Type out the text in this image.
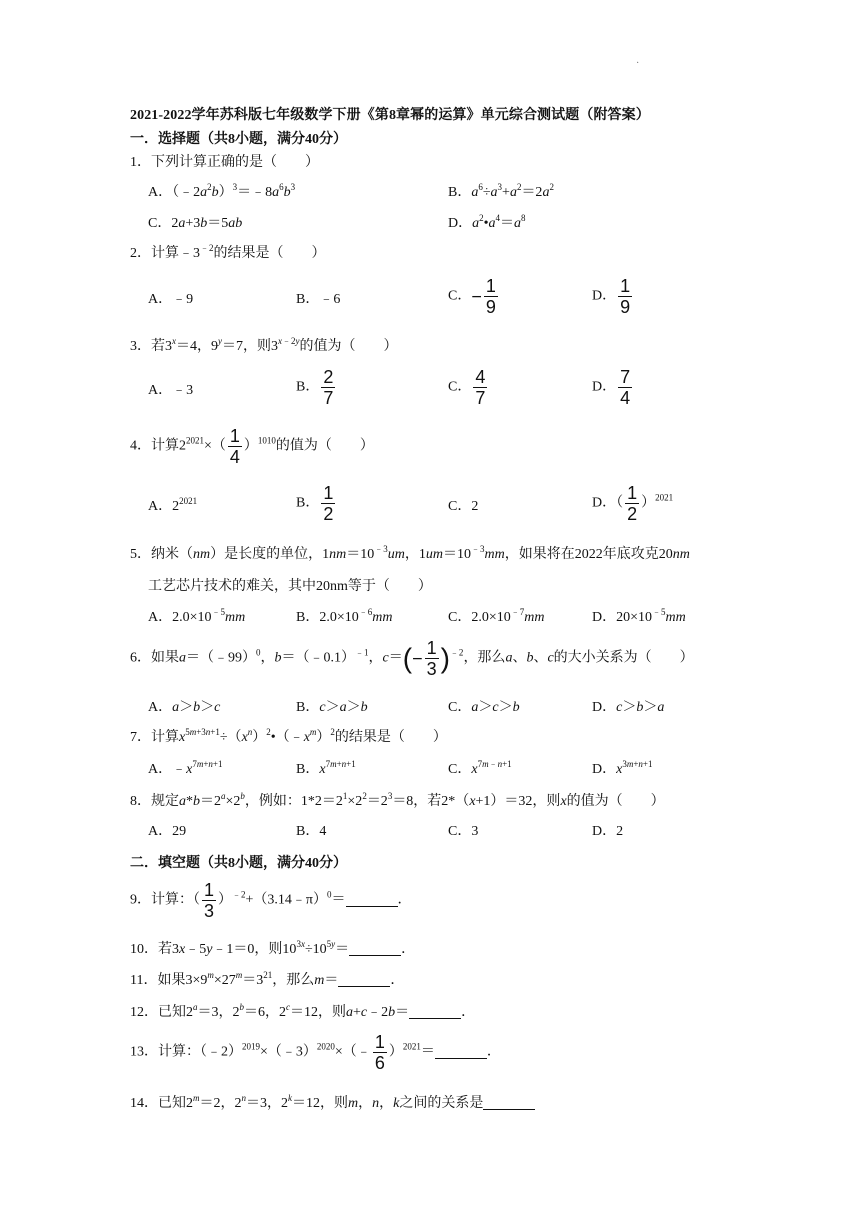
·
2021-2022学年苏科版七年级数学下册《第8章幂的运算》单元综合测试题（附答案）
一．选择题（共8小题，满分40分）
1．下列计算正确的是（　　）
A．$(﹣2a^2b)^3=﹣8a^6b^3$	B．$a^6\div a^3+a^2=2a^2$
C．2a+3b＝5ab	D．$a^2•a^4=a^8$
2．计算$﹣3^{﹣2}$的结果是（　　）
A．﹣9	B．﹣6	C．− $\frac{1}{9}$	D． $\frac{1}{9}$
3．若$3^x=4$，$9^y=7$，则$3^{x﹣2y}$的值为（　　）
A．﹣3	B． $\frac{2}{7}$	C． $\frac{4}{7}$	D． $\frac{7}{4}$
4．计算$2^{2021}\times( \frac{1}{4} )^{1010}$的值为（　　）
A．$2^{2021}$	B． $\frac{1}{2}$	C．2	D．（ $\frac{1}{2} )^{2021}$
5．纳米（nm）是长度的单位，$1nm=10^{﹣3}um$，$1um=10^{﹣3}mm$，如果将在2022年底攻克20nm
工艺芯片技术的难关，其中20nm等于（　　）
A．$2.0\times 10^{﹣5}mm$	B．$2.0\times 10^{﹣6}mm$	C．$2.0\times 10^{﹣7}mm$	D．$20\times 10^{﹣5}mm$
6．如果a＝（﹣99）$^0$，b＝（﹣0.1）$^{﹣1}$，$c=(- \frac{1}{3} )^{﹣2}$，那么a、b、c的大小关系为（　　）
A．a＞b＞c	B．c＞a＞b	C．a＞c＞b	D．c＞b＞a
7．计算$x^{5m+3n+1}\div(x^n)^2•(﹣x^m)^2$的结果是（　　）
A．$﹣x^{7m+n+1}$	B．$x^{7m+n+1}$	C．$x^{7m﹣n+1}$	D．$x^{3m+n+1}$
8．规定$a*b=2^a\times 2^b$，例如：$1*2=2^1\times 2^2=2^3=8$，若2*（x+1）＝32，则x的值为（　　）
A．29	B．4	C．3	D．2
二．填空题（共8小题，满分40分）
9．计算：（ $\frac{1}{3}$ ）$^{﹣2}$+（3.14﹣π）$^0$＝	．
10．若3x﹣5y﹣1＝0，则$10^{3x}\div 10^{5y}=$	．
11．如果$3\times 9^m\times 27^m=3^{21}$，那么m＝	．
12．已知$2^a=3$，$2^b=6$，$2^c=12$，则a+c﹣2b＝	．
13．计算：（﹣2）$^{2019}$×（﹣3）$^{2020}$×（﹣ $\frac{1}{6} )^{2021}=$	．
14．已知$2^m=2$，$2^n=3$，$2^k=12$，则m，n，k之间的关系是
